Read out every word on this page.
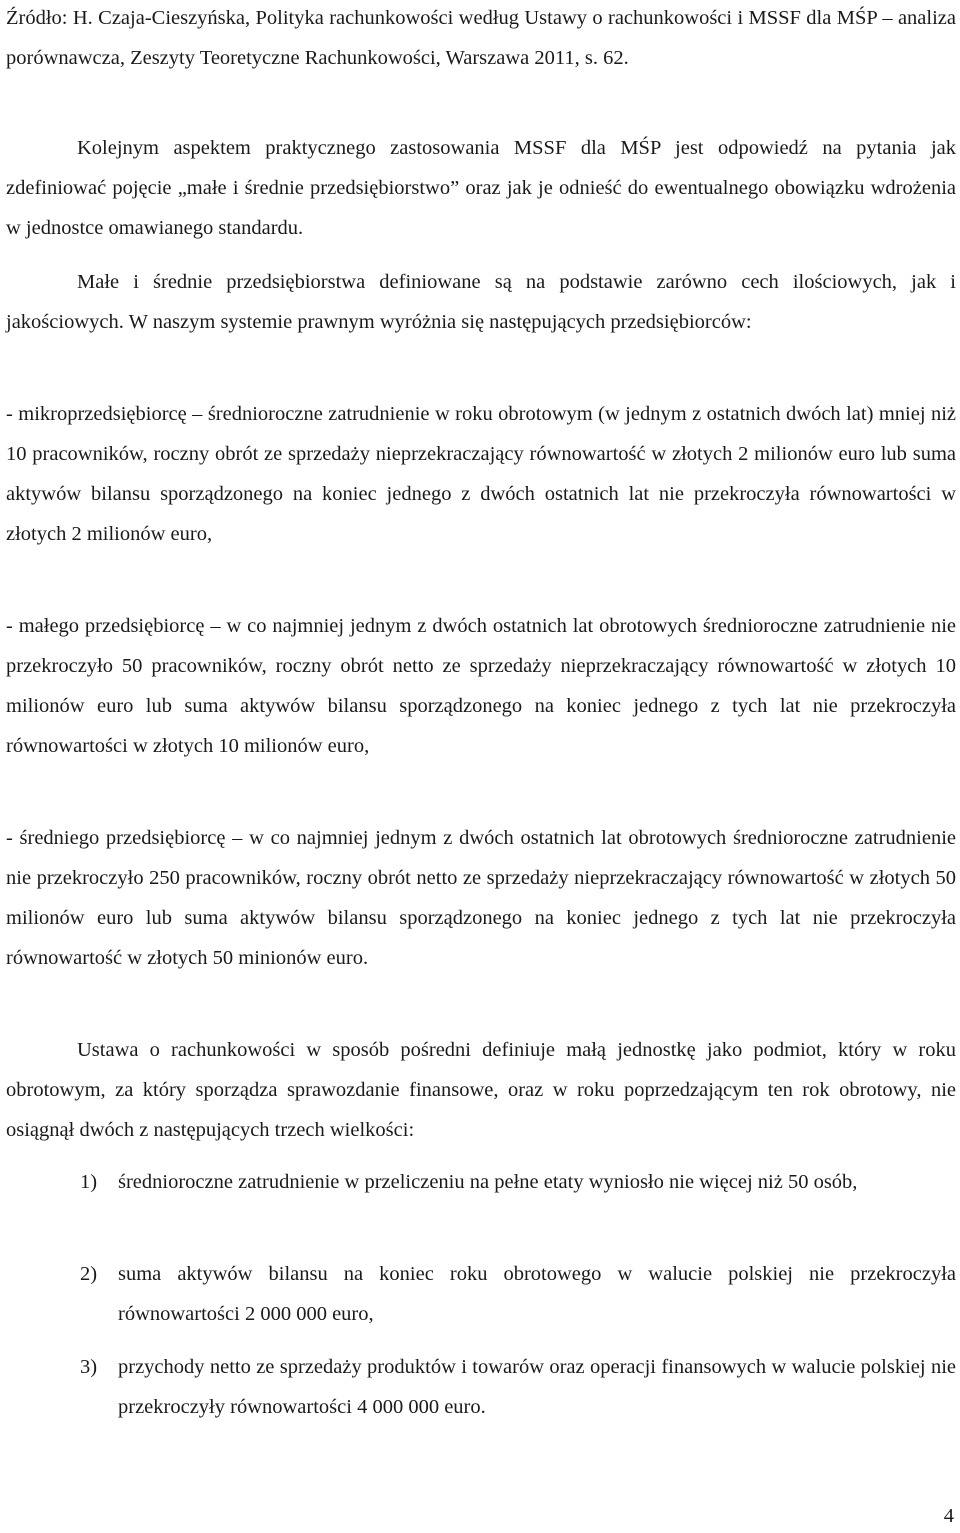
Źródło: H. Czaja-Cieszyńska, Polityka rachunkowości według Ustawy o rachunkowości i MSSF dla MŚP – analiza porównawcza, Zeszyty Teoretyczne Rachunkowości, Warszawa 2011, s. 62.

Kolejnym aspektem praktycznego zastosowania MSSF dla MŚP jest odpowiedź na pytania jak zdefiniować pojęcie „małe i średnie przedsiębiorstwo” oraz jak je odnieść do ewentualnego obowiązku wdrożenia w jednostce omawianego standardu.

Małe i średnie przedsiębiorstwa definiowane są na podstawie zarówno cech ilościowych, jak i jakościowych. W naszym systemie prawnym wyróżnia się następujących przedsiębiorców:

- mikroprzedsiębiorcę – średnioroczne zatrudnienie w roku obrotowym (w jednym z ostatnich dwóch lat) mniej niż 10 pracowników, roczny obrót ze sprzedaży nieprzekraczający równowartość w złotych 2 milionów euro lub suma aktywów bilansu sporządzonego na koniec jednego z dwóch ostatnich lat nie przekroczyła równowartości w złotych 2 milionów euro,

- małego przedsiębiorcę – w co najmniej jednym z dwóch ostatnich lat obrotowych średnioroczne zatrudnienie nie przekroczyło 50 pracowników, roczny obrót netto ze sprzedaży nieprzekraczający równowartość w złotych 10 milionów euro lub suma aktywów bilansu sporządzonego na koniec jednego z tych lat nie przekroczyła równowartości w złotych 10 milionów euro,

- średniego przedsiębiorcę – w co najmniej jednym z dwóch ostatnich lat obrotowych średnioroczne zatrudnienie nie przekroczyło 250 pracowników, roczny obrót netto ze sprzedaży nieprzekraczający równowartość w złotych 50 milionów euro lub suma aktywów bilansu sporządzonego na koniec jednego z tych lat nie przekroczyła równowartość w złotych 50 minionów euro.

Ustawa o rachunkowości w sposób pośredni definiuje małą jednostkę jako podmiot, który w roku obrotowym, za który sporządza sprawozdanie finansowe, oraz w roku poprzedzającym ten rok obrotowy, nie osiągnął dwóch z następujących trzech wielkości:

1)	średnioroczne zatrudnienie w przeliczeniu na pełne etaty wyniosło nie więcej niż 50 osób,
2)	suma aktywów bilansu na koniec roku obrotowego w walucie polskiej nie przekroczyła równowartości 2 000 000 euro,
3)	przychody netto ze sprzedaży produktów i towarów oraz operacji finansowych w walucie polskiej nie przekroczyły równowartości 4 000 000 euro.
4
